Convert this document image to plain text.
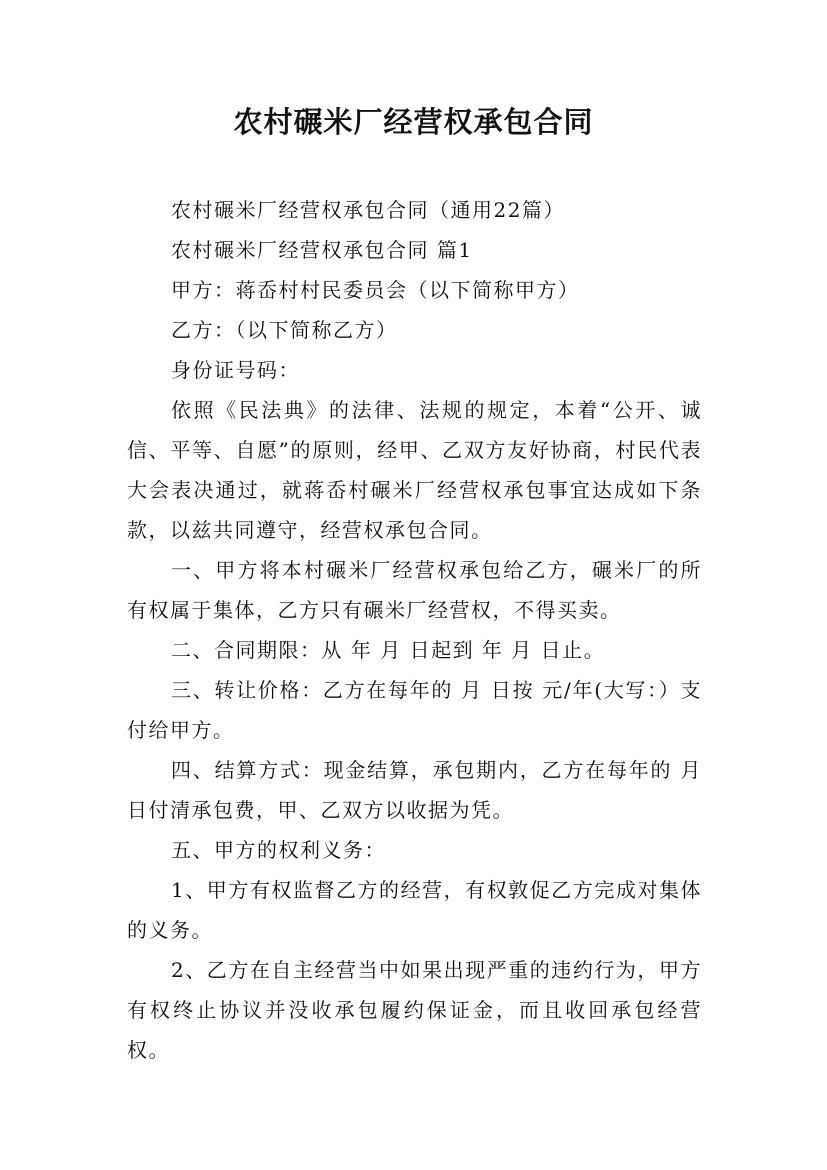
农村碾米厂经营权承包合同

农村碾米厂经营权承包合同（通用22篇）

农村碾米厂经营权承包合同 篇1

甲方：蒋岙村村民委员会（以下简称甲方）

乙方：（以下简称乙方）

身份证号码：

依照《民法典》的法律、法规的规定，本着“公开、诚信、平等、自愿”的原则，经甲、乙双方友好协商，村民代表大会表决通过，就蒋岙村碾米厂经营权承包事宜达成如下条款，以兹共同遵守，经营权承包合同。

一、甲方将本村碾米厂经营权承包给乙方，碾米厂的所有权属于集体，乙方只有碾米厂经营权，不得买卖。

二、合同期限：从 年 月 日起到 年 月 日止。

三、转让价格：乙方在每年的 月 日按 元/年(大写：）支付给甲方。

四、结算方式：现金结算，承包期内，乙方在每年的 月 日付清承包费，甲、乙双方以收据为凭。

五、甲方的权利义务：

1、甲方有权监督乙方的经营，有权敦促乙方完成对集体的义务。

2、乙方在自主经营当中如果出现严重的违约行为，甲方有权终止协议并没收承包履约保证金，而且收回承包经营权。
